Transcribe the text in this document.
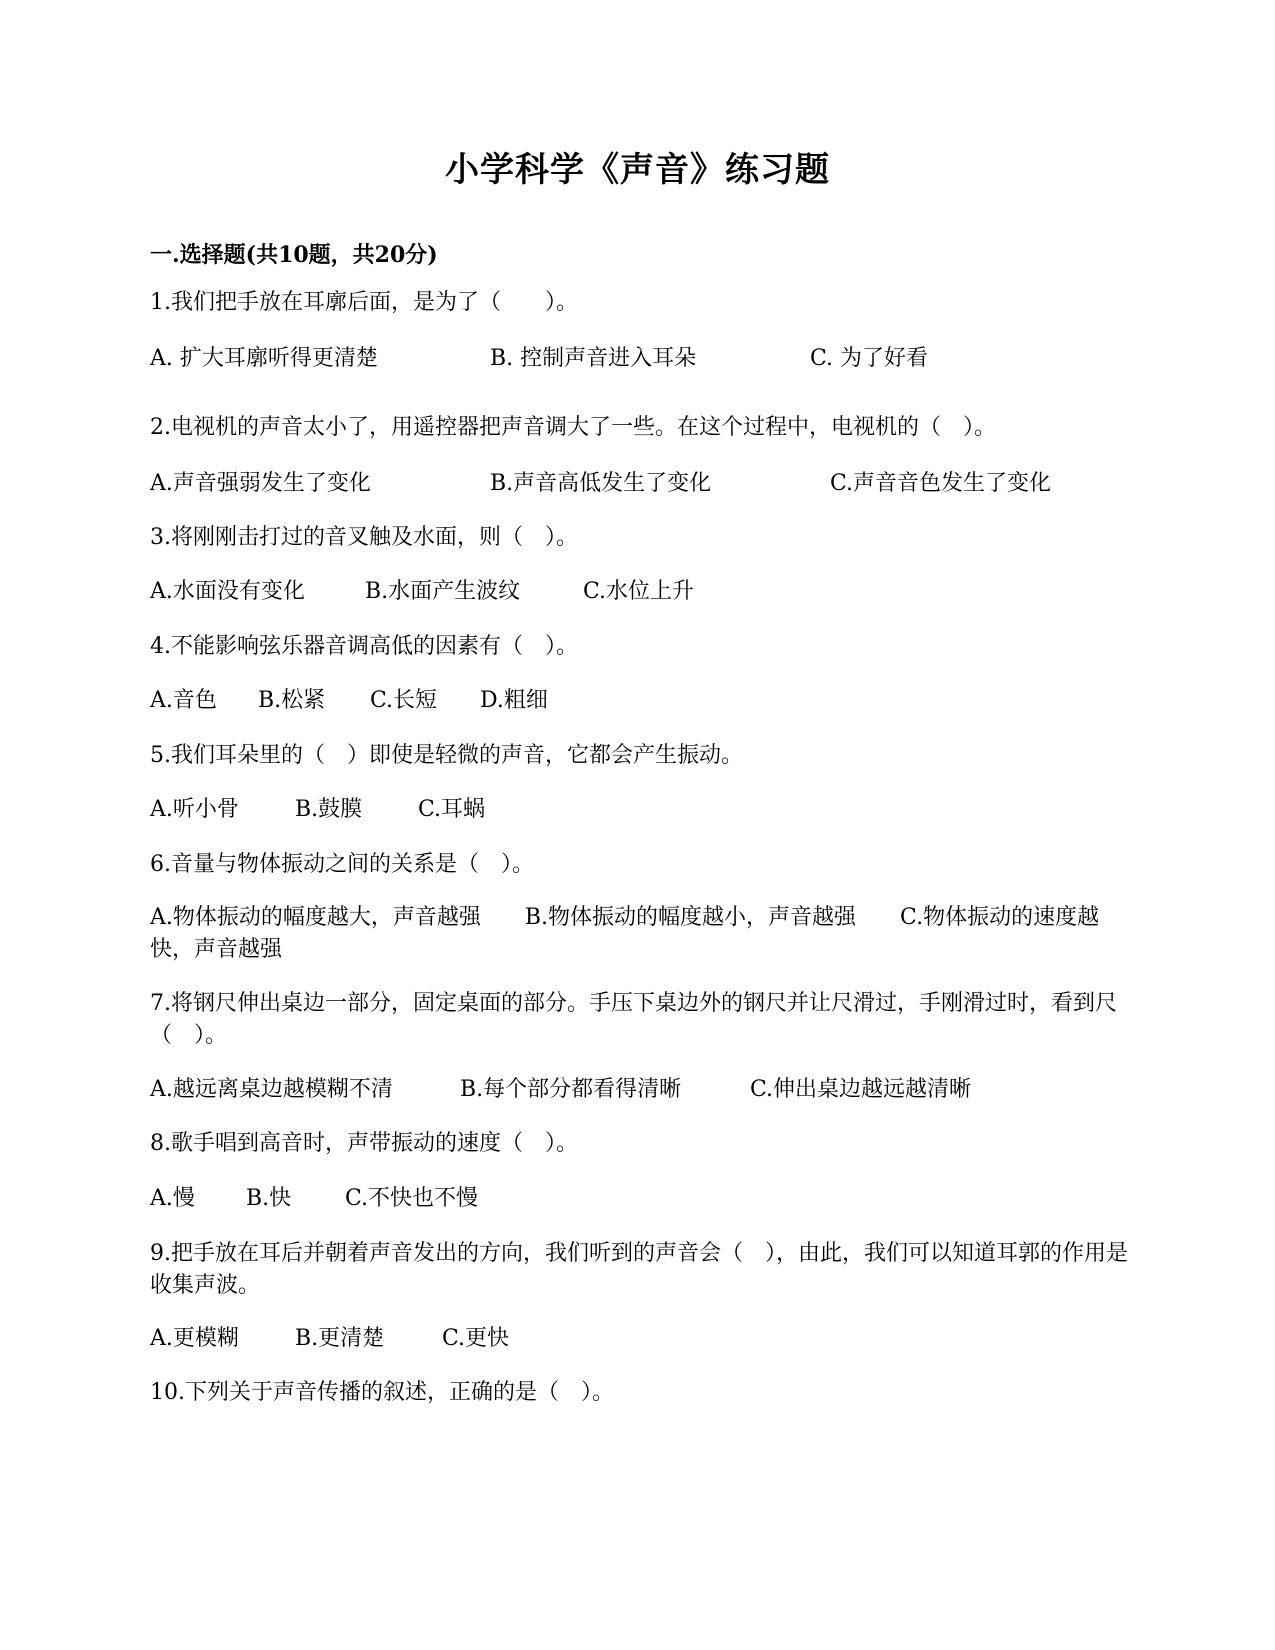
小学科学《声音》练习题
一.选择题(共10题，共20分)
1.我们把手放在耳廓后面，是为了（　　）。
A. 扩大耳廓听得更清楚	B. 控制声音进入耳朵	C. 为了好看
2.电视机的声音太小了，用遥控器把声音调大了一些。在这个过程中，电视机的（　）。
A.声音强弱发生了变化	B.声音高低发生了变化	C.声音音色发生了变化
3.将刚刚击打过的音叉触及水面，则（　）。
A.水面没有变化	B.水面产生波纹	C.水位上升
4.不能影响弦乐器音调高低的因素有（　）。
A.音色 B.松紧 C.长短 D.粗细
5.我们耳朵里的（　）即使是轻微的声音，它都会产生振动。
A.听小骨	B.鼓膜	C.耳蜗
6.音量与物体振动之间的关系是（　）。
A.物体振动的幅度越大，声音越强　　B.物体振动的幅度越小，声音越强　　C.物体振动的速度越快，声音越强
7.将钢尺伸出桌边一部分，固定桌面的部分。手压下桌边外的钢尺并让尺滑过，手刚滑过时，看到尺（　）。
A.越远离桌边越模糊不清	B.每个部分都看得清晰	C.伸出桌边越远越清晰
8.歌手唱到高音时，声带振动的速度（　）。
A.慢 B.快 C.不快也不慢
9.把手放在耳后并朝着声音发出的方向，我们听到的声音会（　），由此，我们可以知道耳郭的作用是收集声波。
A.更模糊	B.更清楚	C.更快
10.下列关于声音传播的叙述，正确的是（　）。
